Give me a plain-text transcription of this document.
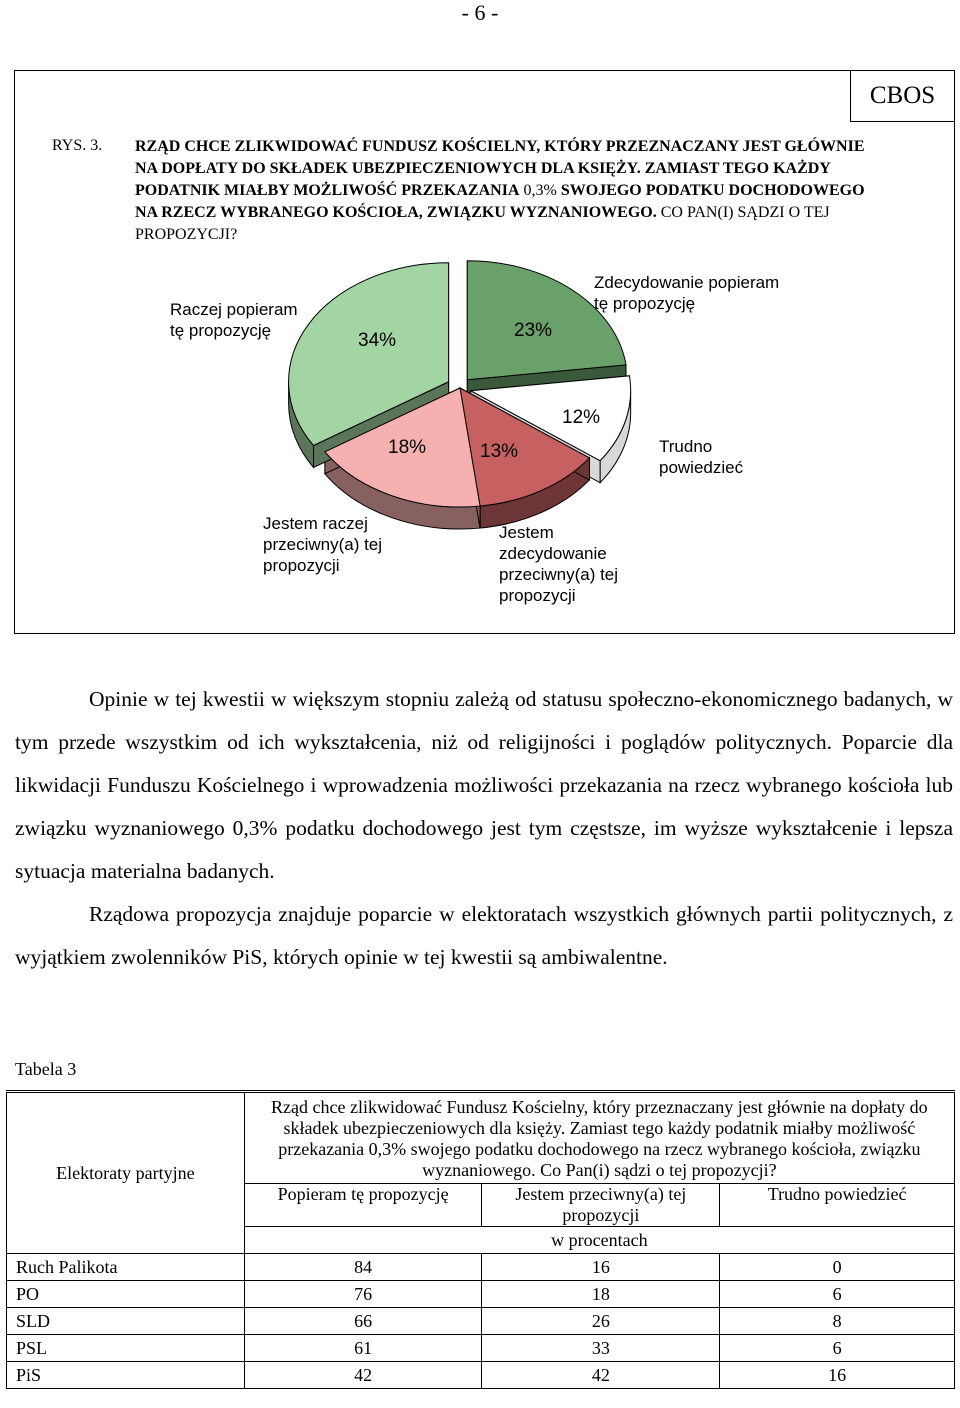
- 6 -
CBOS
RYS. 3. RZĄD CHCE ZLIKWIDOWAĆ FUNDUSZ KOŚCIELNY, KTÓRY PRZEZNACZANY JEST GŁÓWNIE NA DOPŁATY DO SKŁADEK UBEZPIECZENIOWYCH DLA KSIĘŻY. ZAMIAST TEGO KAŻDY PODATNIK MIAŁBY MOŻLIWOŚĆ PRZEKAZANIA 0,3% SWOJEGO PODATKU DOCHODOWEGO NA RZECZ WYBRANEGO KOŚCIOŁA, ZWIĄZKU WYZNANIOWEGO. CO PAN(I) SĄDZI O TEJ PROPOZYCJI?
34%	23%
12%
13%
18%
Zdecydowanie popieram
tę propozycję
Raczej popieram
tę propozycję
Trudno
powiedzieć
Jestem raczej
przeciwny(a) tej
propozycji
Jestem
zdecydowanie
przeciwny(a) tej
propozycji

Opinie w tej kwestii w większym stopniu zależą od statusu społeczno-ekonomicznego badanych, w tym przede wszystkim od ich wykształcenia, niż od religijności i poglądów politycznych. Poparcie dla likwidacji Funduszu Kościelnego i wprowadzenia możliwości przekazania na rzecz wybranego kościoła lub związku wyznaniowego 0,3% podatku dochodowego jest tym częstsze, im wyższe wykształcenie i lepsza sytuacja materialna badanych.

Rządowa propozycja znajduje poparcie w elektoratach wszystkich głównych partii politycznych, z wyjątkiem zwolenników PiS, których opinie w tej kwestii są ambiwalentne.

Tabela 3
Elektoraty partyjne	Rząd chce zlikwidować Fundusz Kościelny, który przeznaczany jest głównie na dopłaty do składek ubezpieczeniowych dla księży. Zamiast tego każdy podatnik miałby możliwość przekazania 0,3% swojego podatku dochodowego na rzecz wybranego kościoła, związku wyznaniowego. Co Pan(i) sądzi o tej propozycji?		
	Popieram tę propozycję	Jestem przeciwny(a) tej propozycji	Trudno powiedzieć
	w procentach		
Ruch Palikota	84	16	0
PO	76	18	6
SLD	66	26	8
PSL	61	33	6
PiS	42	42	16
